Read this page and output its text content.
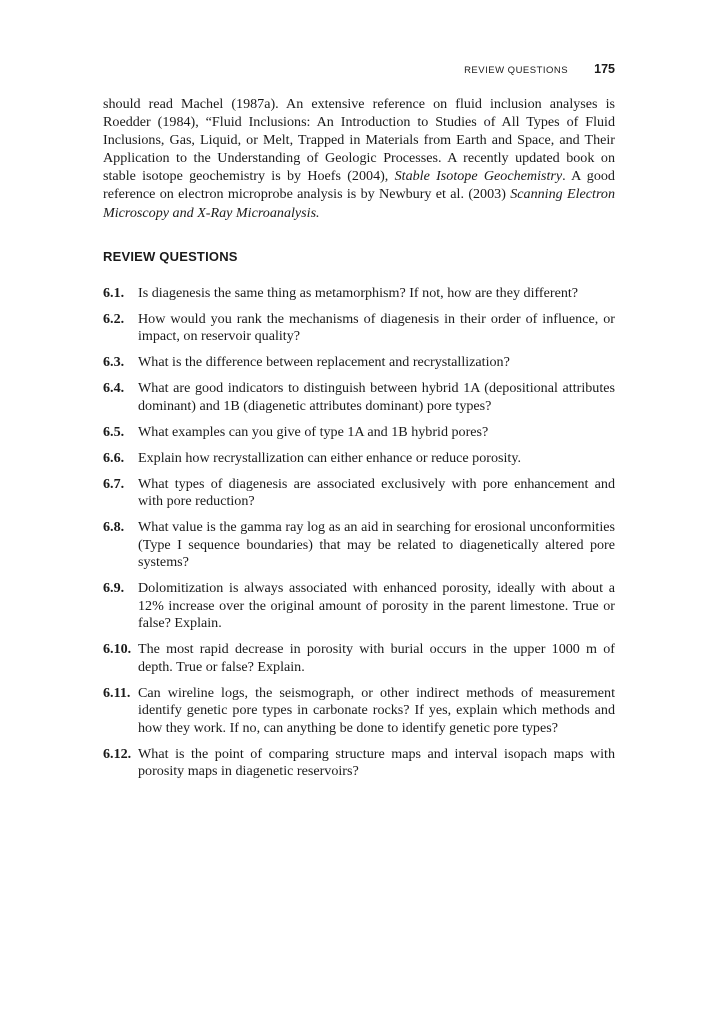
REVIEW QUESTIONS 175

should read Machel (1987a). An extensive reference on fluid inclusion analyses is Roedder (1984), “Fluid Inclusions: An Introduction to Studies of All Types of Fluid Inclusions, Gas, Liquid, or Melt, Trapped in Materials from Earth and Space, and Their Application to the Understanding of Geologic Processes. A recently updated book on stable isotope geochemistry is by Hoefs (2004), Stable Isotope Geochemistry. A good reference on electron microprobe analysis is by Newbury et al. (2003) Scanning Electron Microscopy and X-Ray Microanalysis.

REVIEW QUESTIONS
6.1. Is diagenesis the same thing as metamorphism? If not, how are they different?
6.2. How would you rank the mechanisms of diagenesis in their order of influence, or impact, on reservoir quality?
6.3. What is the difference between replacement and recrystallization?
6.4. What are good indicators to distinguish between hybrid 1A (depositional attributes dominant) and 1B (diagenetic attributes dominant) pore types?
6.5. What examples can you give of type 1A and 1B hybrid pores?
6.6. Explain how recrystallization can either enhance or reduce porosity.
6.7. What types of diagenesis are associated exclusively with pore enhancement and with pore reduction?
6.8. What value is the gamma ray log as an aid in searching for erosional unconformities (Type I sequence boundaries) that may be related to diagenetically altered pore systems?
6.9. Dolomitization is always associated with enhanced porosity, ideally with about a 12% increase over the original amount of porosity in the parent limestone. True or false? Explain.
6.10. The most rapid decrease in porosity with burial occurs in the upper 1000 m of depth. True or false? Explain.
6.11. Can wireline logs, the seismograph, or other indirect methods of measurement identify genetic pore types in carbonate rocks? If yes, explain which methods and how they work. If no, can anything be done to identify genetic pore types?
6.12. What is the point of comparing structure maps and interval isopach maps with porosity maps in diagenetic reservoirs?
